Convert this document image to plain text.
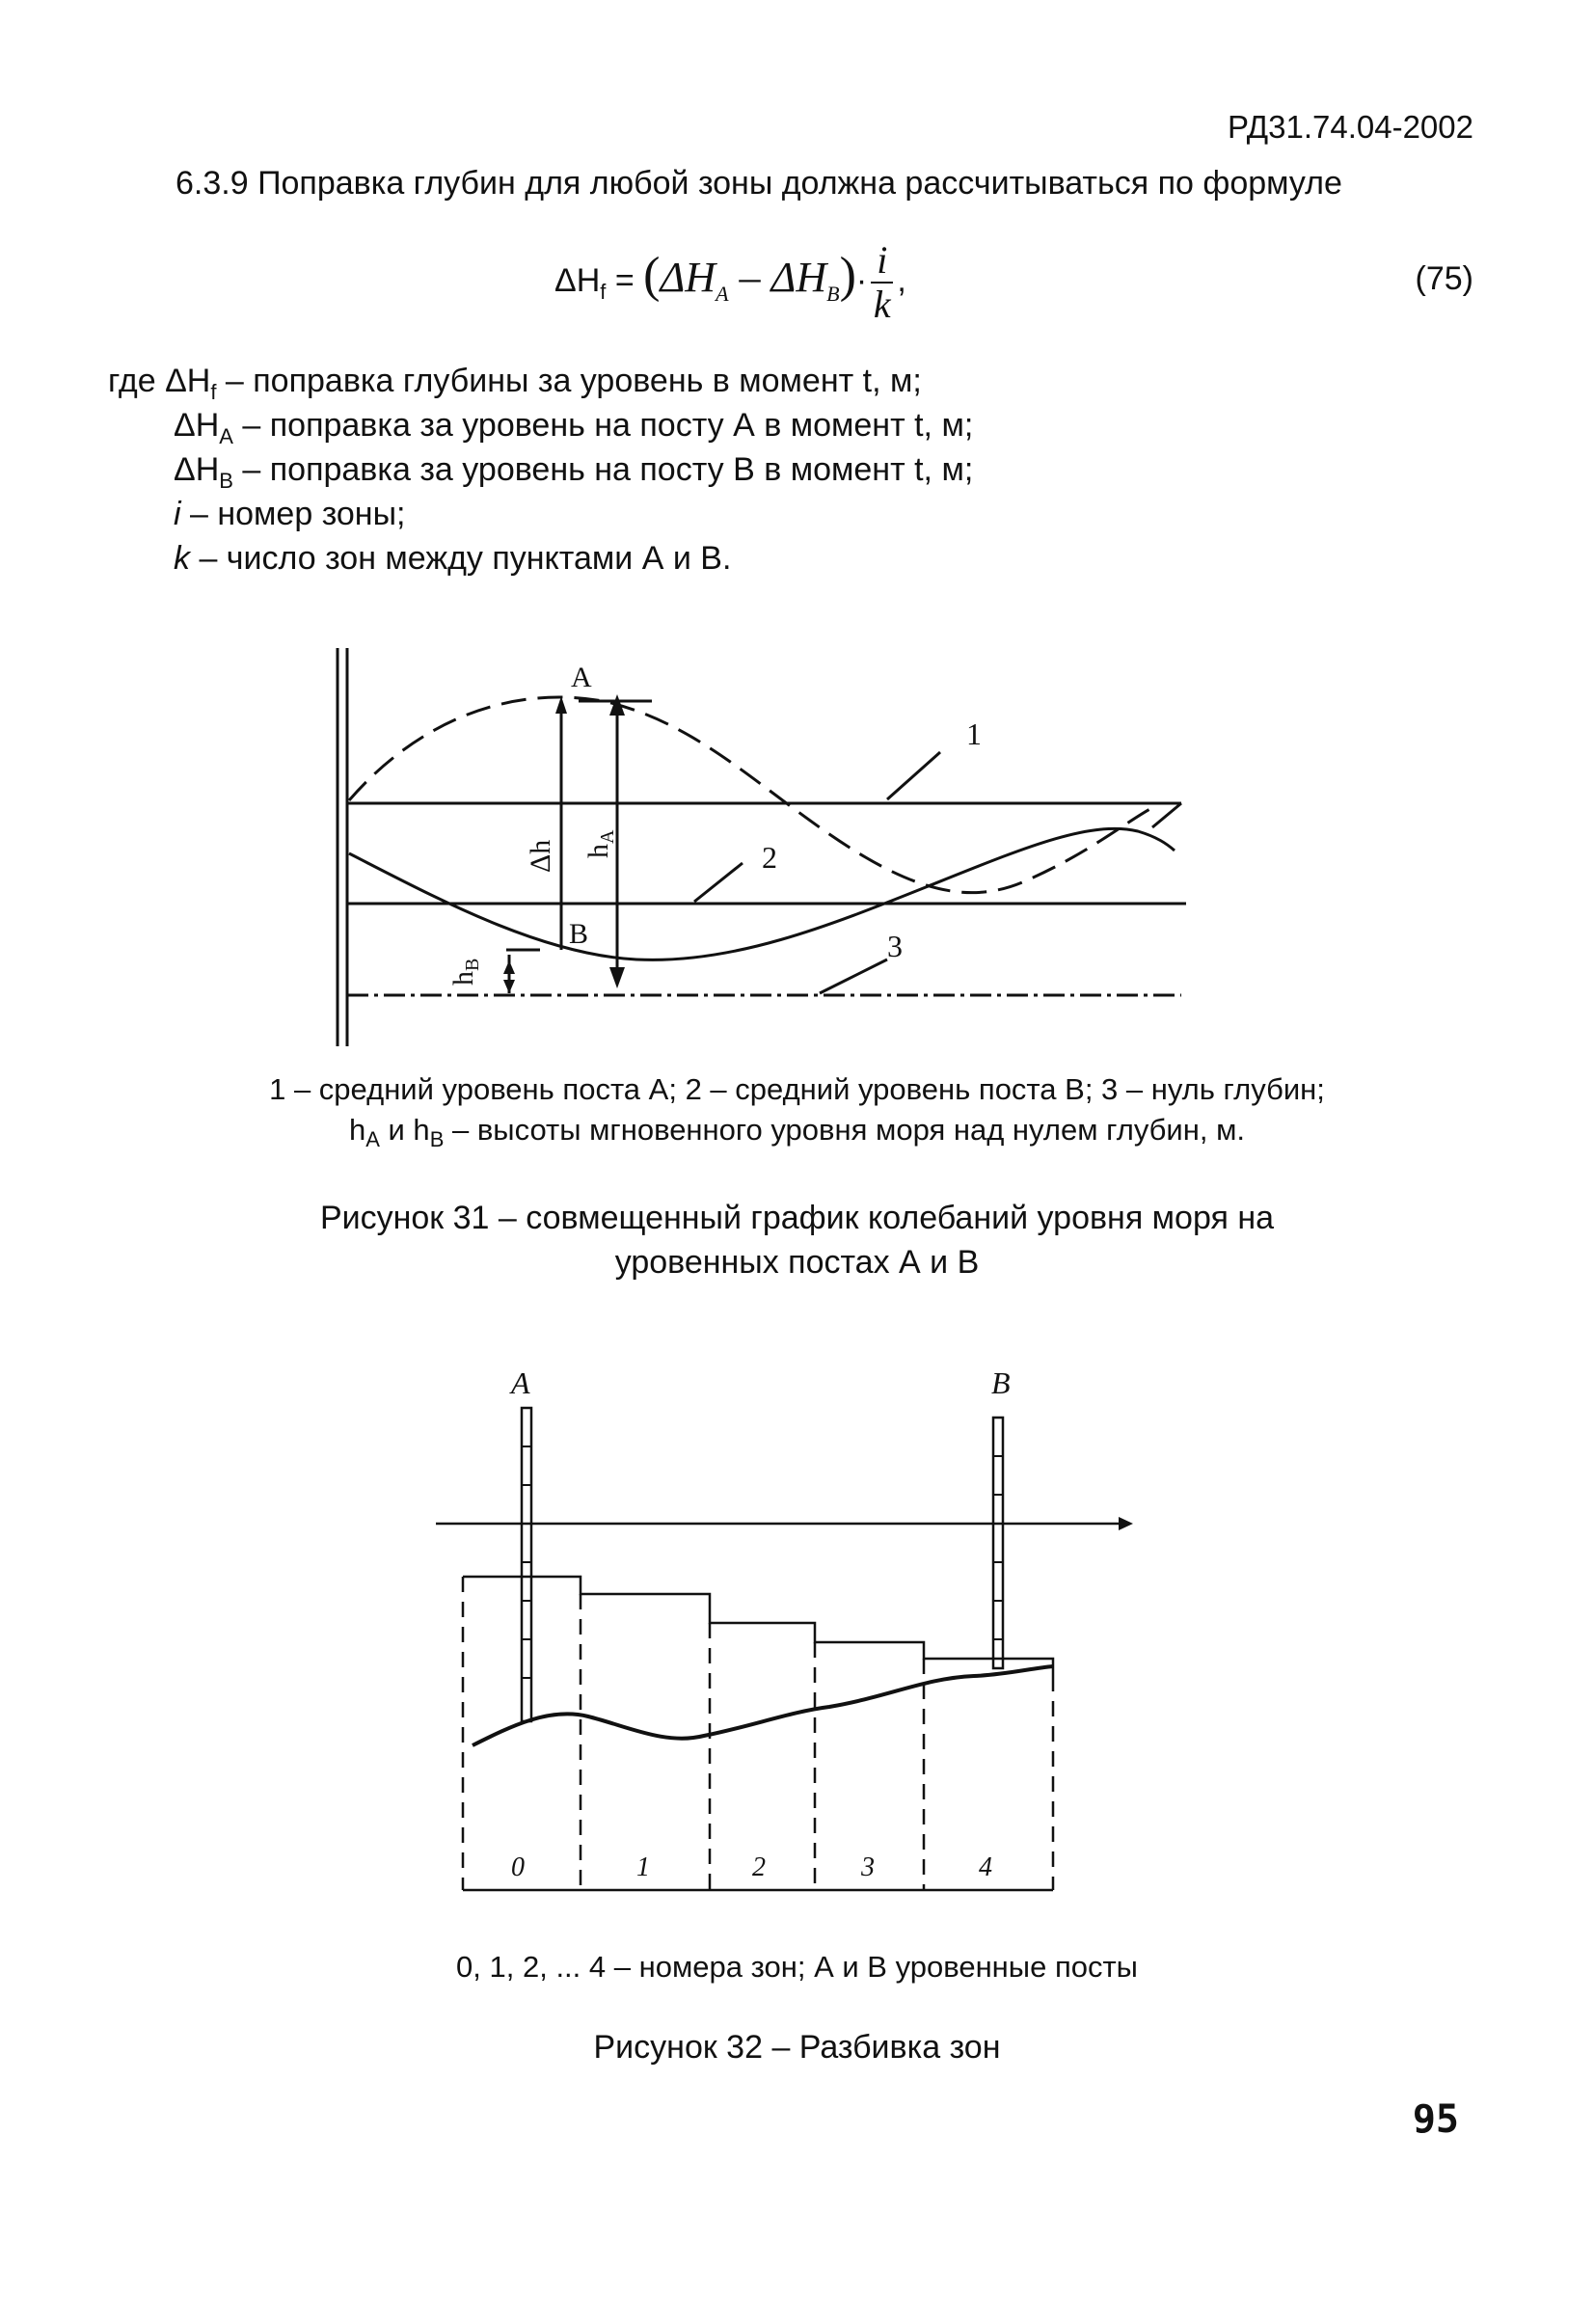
РД31.74.04-2002
6.3.9 Поправка глубин для любой зоны должна рассчитываться по формуле
$\Delta H_f = (\Delta H_A - \Delta H_B)\cdot \frac{i}{k}$ ,	(75)
где $\Delta H_f$ – поправка глубины за уровень в момент t, м;
$\Delta H_A$ – поправка за уровень на посту А в момент t, м;
$\Delta H_B$ – поправка за уровень на посту В в момент t, м;
i – номер зоны;
k – число зон между пунктами А и В.
A
B
1
2
3
Δh $h_A$
$h_B$
1 – средний уровень поста А; 2 – средний уровень поста В; 3 – нуль глубин;
$h_A$ и $h_B$ – высоты мгновенного уровня моря над нулем глубин, м.
Рисунок 31 – совмещенный график колебаний уровня моря на
уровенных постах А и В
А	В
0	1	2	3	4
0, 1, 2, ... 4 – номера зон; А и В уровенные посты
Рисунок 32 – Разбивка зон
95
